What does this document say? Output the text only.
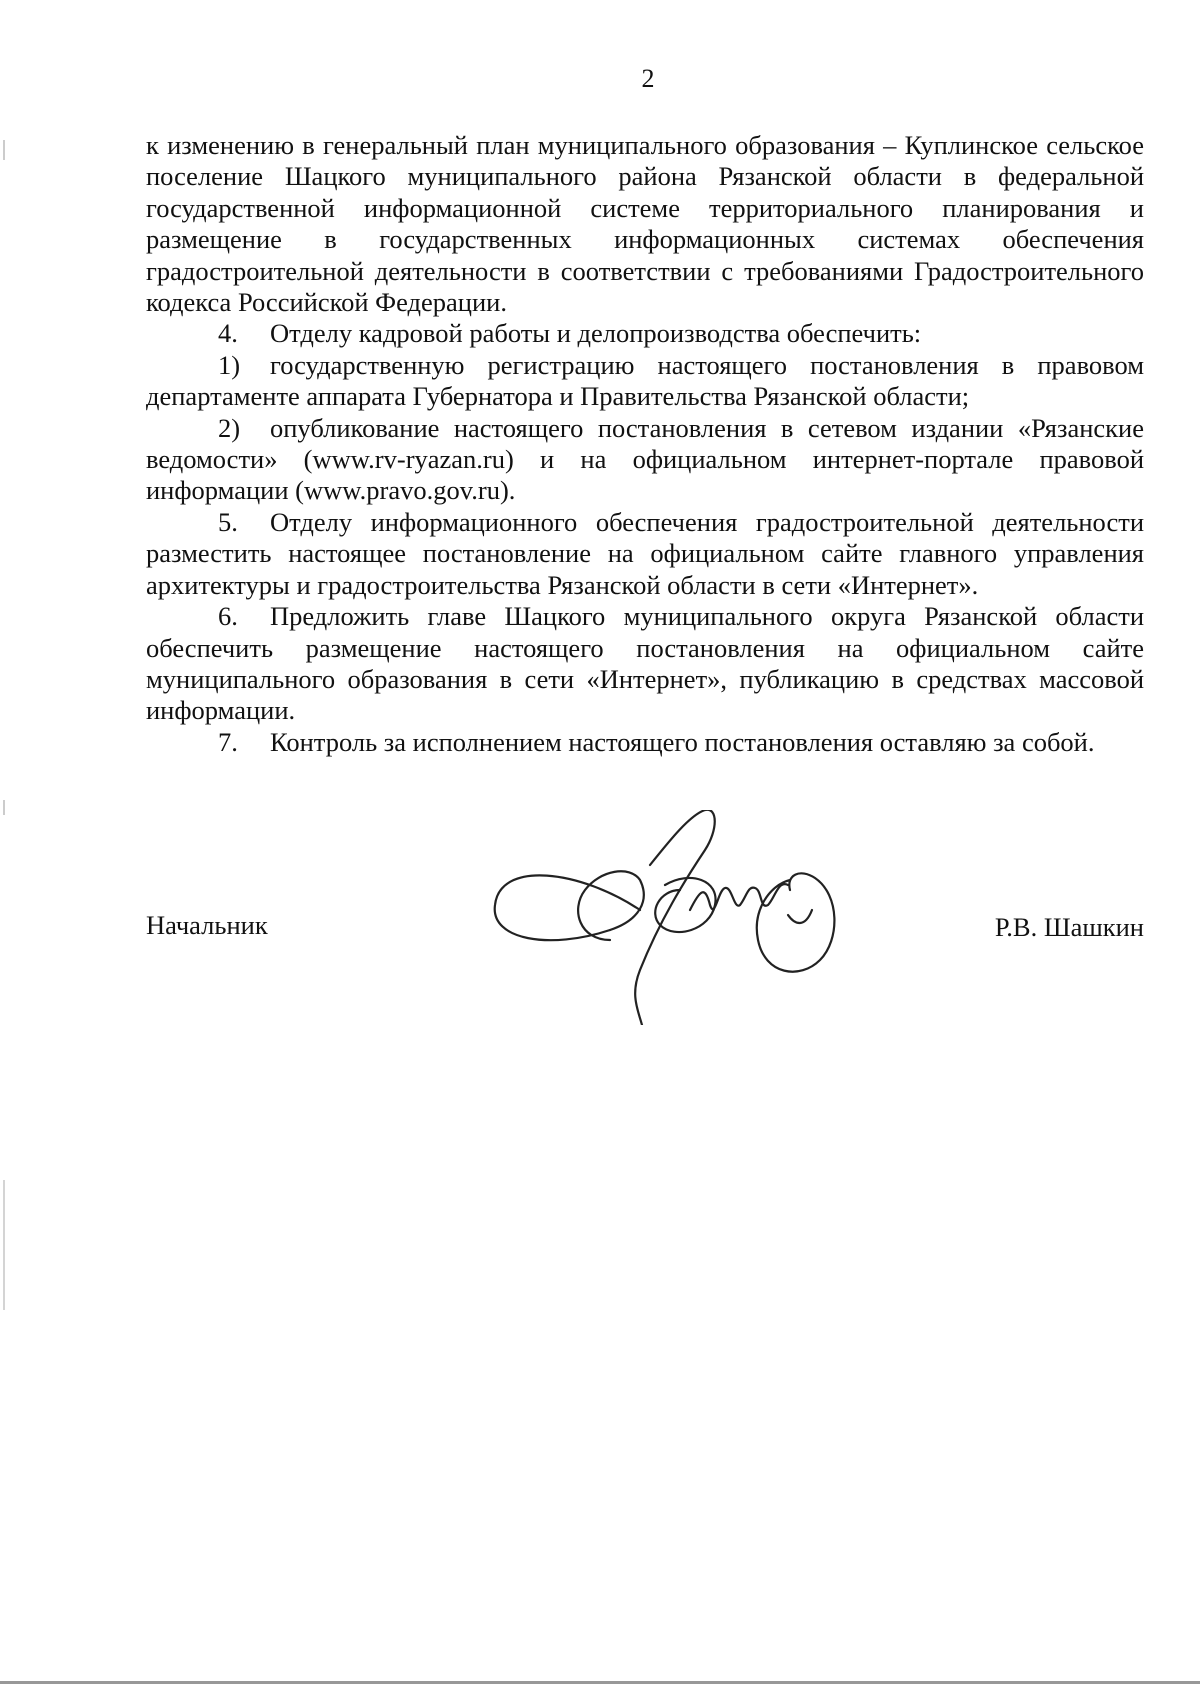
2

к изменению в генеральный план муниципального образования – Куплинское сельское поселение Шацкого муниципального района Рязанской области в федеральной государственной информационной системе территориального планирования и размещение в государственных информационных системах обеспечения градостроительной деятельности в соответствии с требованиями Градостроительного кодекса Российской Федерации.

4. Отделу кадровой работы и делопроизводства обеспечить:

1) государственную регистрацию настоящего постановления в правовом департаменте аппарата Губернатора и Правительства Рязанской области;

2) опубликование настоящего постановления в сетевом издании «Рязанские ведомости» (www.rv-ryazan.ru) и на официальном интернет-портале правовой информации (www.pravo.gov.ru).

5. Отделу информационного обеспечения градостроительной деятельности разместить настоящее постановление на официальном сайте главного управления архитектуры и градостроительства Рязанской области в сети «Интернет».

6. Предложить главе Шацкого муниципального округа Рязанской области обеспечить размещение настоящего постановления на официальном сайте муниципального образования в сети «Интернет», публикацию в средствах массовой информации.

7. Контроль за исполнением настоящего постановления оставляю за собой.

Начальник	Р.В. Шашкин
